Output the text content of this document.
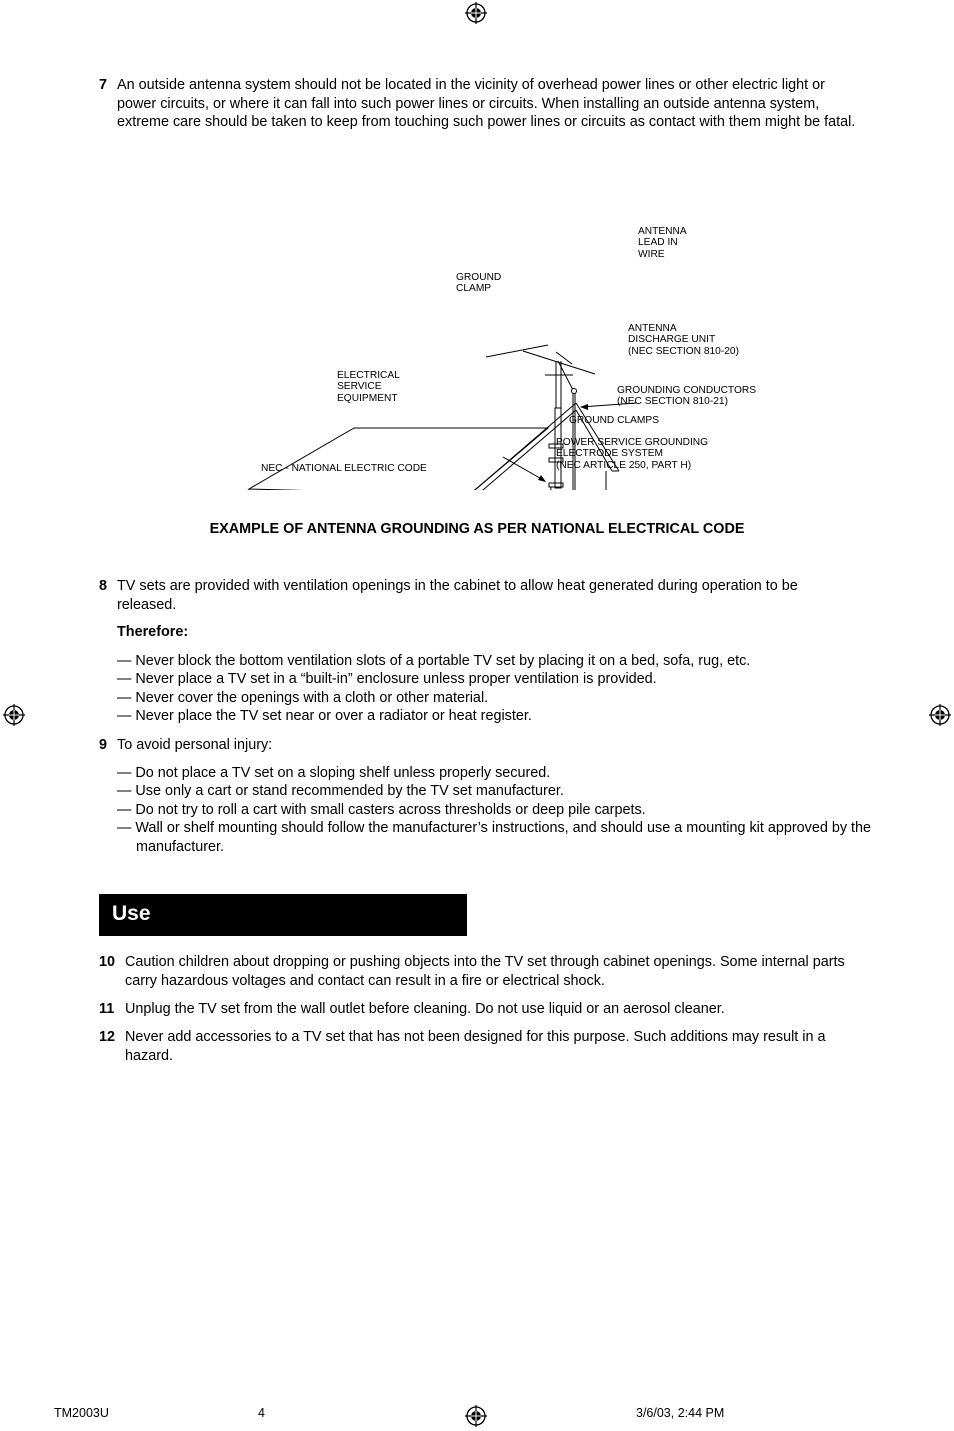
7 An outside antenna system should not be located in the vicinity of overhead power lines or other electric light or power circuits, or where it can fall into such power lines or circuits. When installing an outside antenna system, extreme care should be taken to keep from touching such power lines or circuits as contact with them might be fatal.
ANTENNA
LEAD IN
WIRE
GROUND
CLAMP
ANTENNA
DISCHARGE UNIT
(NEC SECTION 810-20)
ELECTRICAL
SERVICE
EQUIPMENT
GROUNDING CONDUCTORS
(NEC SECTION 810-21)
GROUND CLAMPS
POWER SERVICE GROUNDING
ELECTRODE SYSTEM
(NEC ARTICLE 250, PART H)
NEC - NATIONAL ELECTRIC CODE
EXAMPLE OF ANTENNA GROUNDING AS PER NATIONAL ELECTRICAL CODE
8 TV sets are provided with ventilation openings in the cabinet to allow heat generated during operation to be released.
Therefore:
— Never block the bottom ventilation slots of a portable TV set by placing it on a bed, sofa, rug, etc.
— Never place a TV set in a “built-in” enclosure unless proper ventilation is provided.
— Never cover the openings with a cloth or other material.
— Never place the TV set near or over a radiator or heat register.
9 To avoid personal injury:
— Do not place a TV set on a sloping shelf unless properly secured.
— Use only a cart or stand recommended by the TV set manufacturer.
— Do not try to roll a cart with small casters across thresholds or deep pile carpets.
— Wall or shelf mounting should follow the manufacturer’s instructions, and should use a mounting kit approved by the manufacturer.
Use
10 Caution children about dropping or pushing objects into the TV set through cabinet openings. Some internal parts carry hazardous voltages and contact can result in a fire or electrical shock.
11 Unplug the TV set from the wall outlet before cleaning. Do not use liquid or an aerosol cleaner.
12 Never add accessories to a TV set that has not been designed for this purpose. Such additions may result in a hazard.
TM2003U	4	3/6/03, 2:44 PM
